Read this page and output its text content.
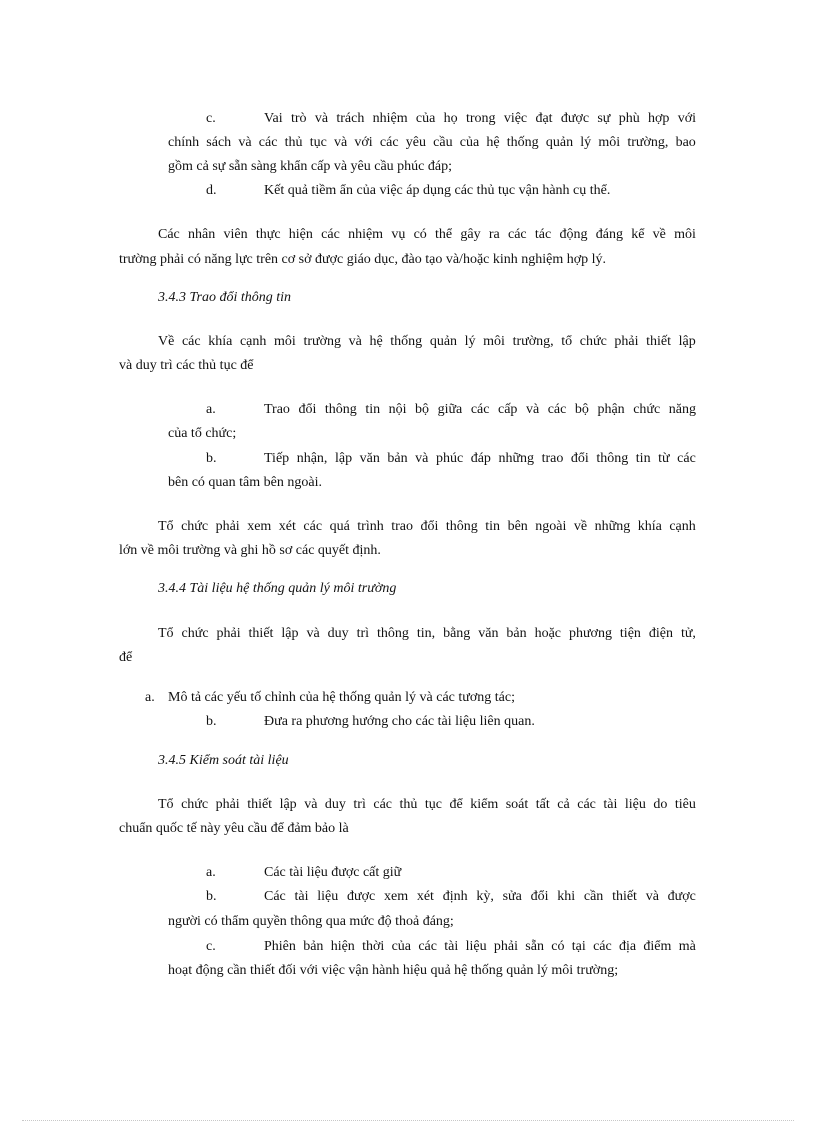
c.	Vai trò và trách nhiệm của họ trong việc đạt được sự phù hợp với
chính sách và các thủ tục và với các yêu cầu của hệ thống quản lý môi trường, bao
gồm cả sự sẵn sàng khẩn cấp và yêu cầu phúc đáp;
d.	Kết quả tiềm ẩn của việc áp dụng các thủ tục vận hành cụ thể.
Các nhân viên thực hiện các nhiệm vụ có thể gây ra các tác động đáng kể về môi
trường phải có năng lực trên cơ sở được giáo dục, đào tạo và/hoặc kinh nghiệm hợp lý.
3.4.3 Trao đổi thông tin
Về các khía cạnh môi trường và hệ thống quản lý môi trường, tổ chức phải thiết lập
và duy trì các thủ tục để
a.	Trao đổi thông tin nội bộ giữa các cấp và các bộ phận chức năng
của tổ chức;
b.	Tiếp nhận, lập văn bản và phúc đáp những trao đổi thông tin từ các
bên có quan tâm bên ngoài.
Tổ chức phải xem xét các quá trình trao đổi thông tin bên ngoài về những khía cạnh
lớn về môi trường và ghi hồ sơ các quyết định.
3.4.4 Tài liệu hệ thống quản lý môi trường
Tổ chức phải thiết lập và duy trì thông tin, bằng văn bản hoặc phương tiện điện tử,
để
a. Mô tả các yếu tố chỉnh của hệ thống quản lý và các tương tác;
b.	Đưa ra phương hướng cho các tài liệu liên quan.
3.4.5 Kiểm soát tài liệu
Tổ chức phải thiết lập và duy trì các thủ tục để kiểm soát tất cả các tài liệu do tiêu
chuẩn quốc tế này yêu cầu để đảm bảo là
a.	Các tài liệu được cất giữ
b.	Các tài liệu được xem xét định kỳ, sửa đổi khi cần thiết và được
người có thẩm quyền thông qua mức độ thoả đáng;
c.	Phiên bản hiện thời của các tài liệu phải sẵn có tại các địa điểm mà
hoạt động cần thiết đối với việc vận hành hiệu quả hệ thống quản lý môi trường;
